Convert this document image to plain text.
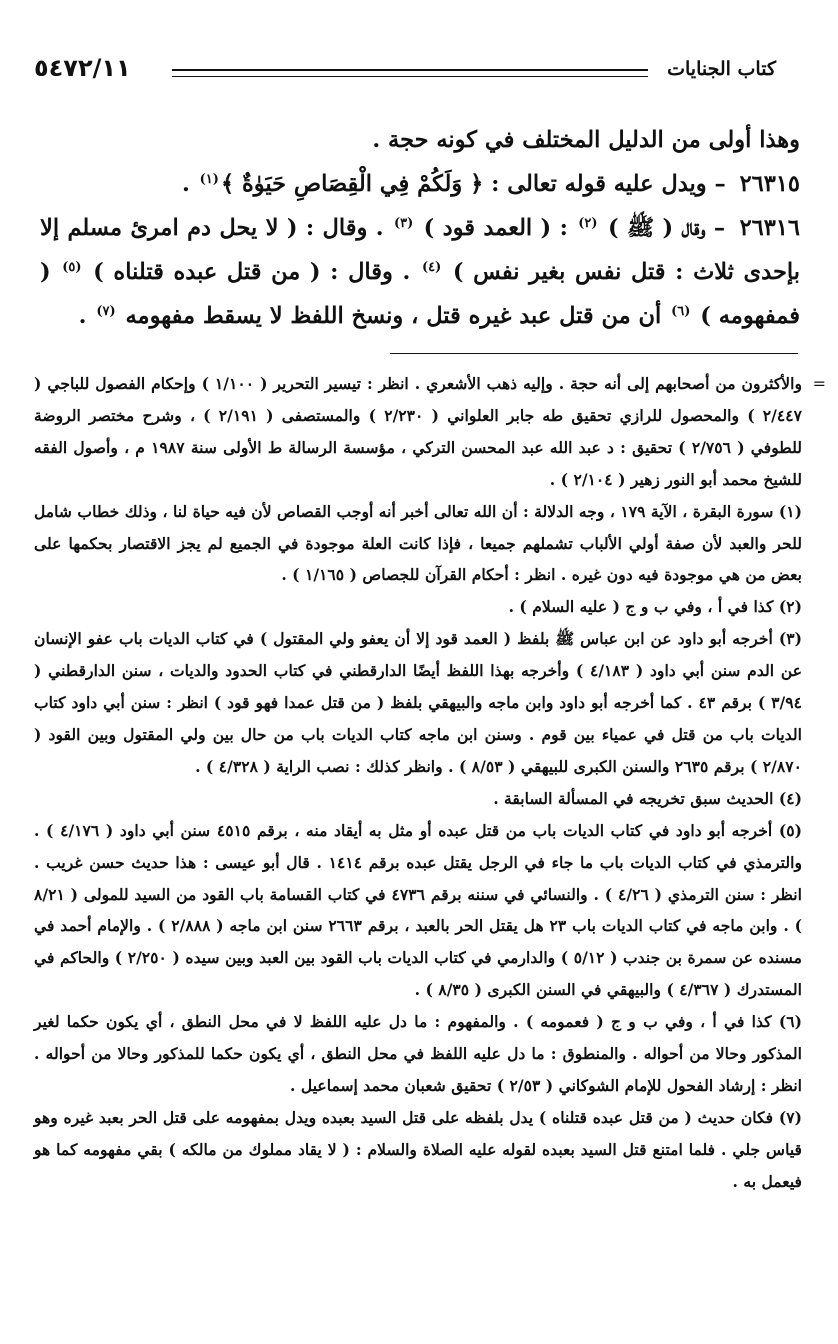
٥٤٧٢/١١	كتاب الجنايات

وهذا أولى من الدليل المختلف في كونه حجة .

٢٦٣١٥ – ويدل عليه قوله تعالى : ﴿ وَلَكُمْ فِي الْقِصَاصِ حَيَوٰةٌ ﴾$^{(١)}$ .

٢٦٣١٦ – وقال ( ﷺ ) $^{(٢)}$ : ( العمد قود ) $^{(٣)}$ . وقال : ( لا يحل دم امرئ مسلم إلا بإحدى ثلاث : قتل نفس بغير نفس ) $^{(٤)}$ . وقال : ( من قتل عبده قتلناه ) $^{(٥)}$ ( فمفهومه ) $^{(٦)}$ أن من قتل عبد غيره قتل ، ونسخ اللفظ لا يسقط مفهومه $^{(٧)}$ .

=

والأكثرون من أصحابهم إلى أنه حجة . وإليه ذهب الأشعري . انظر : تيسير التحرير ( ١/١٠٠ ) وإحكام الفصول للباجي ( ٢/٤٤٧ ) والمحصول للرازي تحقيق طه جابر العلواني ( ٢/٢٣٠ ) والمستصفى ( ٢/١٩١ ) ، وشرح مختصر الروضة للطوفي ( ٢/٧٥٦ ) تحقيق : د عبد الله عبد المحسن التركي ، مؤسسة الرسالة ط الأولى سنة ١٩٨٧ م ، وأصول الفقه للشيخ محمد أبو النور زهير ( ٢/١٠٤ ) .

(١) سورة البقرة ، الآية ١٧٩ ، وجه الدلالة : أن الله تعالى أخبر أنه أوجب القصاص لأن فيه حياة لنا ، وذلك خطاب شامل للحر والعبد لأن صفة أولي الألباب تشملهم جميعا ، فإذا كانت العلة موجودة في الجميع لم يجز الاقتصار بحكمها على بعض من هي موجودة فيه دون غيره . انظر : أحكام القرآن للجصاص ( ١/١٦٥ ) .

(٢) كذا في أ ، وفي ب و ج ( عليه السلام ) .

(٣) أخرجه أبو داود عن ابن عباس ﷺ بلفظ ( العمد قود إلا أن يعفو ولي المقتول ) في كتاب الديات باب عفو الإنسان عن الدم سنن أبي داود ( ٤/١٨٣ ) وأخرجه بهذا اللفظ أيضًا الدارقطني في كتاب الحدود والديات ، سنن الدارقطني ( ٣/٩٤ ) برقم ٤٣ . كما أخرجه أبو داود وابن ماجه والبيهقي بلفظ ( من قتل عمدا فهو قود ) انظر : سنن أبي داود كتاب الديات باب من قتل في عمياء بين قوم . وسنن ابن ماجه كتاب الديات باب من حال بين ولي المقتول وبين القود ( ٢/٨٧٠ ) برقم ٢٦٣٥ والسنن الكبرى للبيهقي ( ٨/٥٣ ) . وانظر كذلك : نصب الراية ( ٤/٣٢٨ ) .

(٤) الحديث سبق تخريجه في المسألة السابقة .

(٥) أخرجه أبو داود في كتاب الديات باب من قتل عبده أو مثل به أيقاد منه ، برقم ٤٥١٥ سنن أبي داود ( ٤/١٧٦ ) . والترمذي في كتاب الديات باب ما جاء في الرجل يقتل عبده برقم ١٤١٤ . قال أبو عيسى : هذا حديث حسن غريب . انظر : سنن الترمذي ( ٤/٢٦ ) . والنسائي في سننه برقم ٤٧٣٦ في كتاب القسامة باب القود من السيد للمولى ( ٨/٢١ ) . وابن ماجه في كتاب الديات باب ٢٣ هل يقتل الحر بالعبد ، برقم ٢٦٦٣ سنن ابن ماجه ( ٢/٨٨٨ ) . والإمام أحمد في مسنده عن سمرة بن جندب ( ٥/١٢ ) والدارمي في كتاب الديات باب القود بين العبد وبين سيده ( ٢/٢٥٠ ) والحاكم في المستدرك ( ٤/٣٦٧ ) والبيهقي في السنن الكبرى ( ٨/٣٥ ) .

(٦) كذا في أ ، وفي ب و ج ( فعمومه ) . والمفهوم : ما دل عليه اللفظ لا في محل النطق ، أي يكون حكما لغير المذكور وحالا من أحواله . والمنطوق : ما دل عليه اللفظ في محل النطق ، أي يكون حكما للمذكور وحالا من أحواله . انظر : إرشاد الفحول للإمام الشوكاني ( ٢/٥٣ ) تحقيق شعبان محمد إسماعيل .

(٧) فكان حديث ( من قتل عبده قتلناه ) يدل بلفظه على قتل السيد بعبده ويدل بمفهومه على قتل الحر بعبد غيره وهو قياس جلي . فلما امتنع قتل السيد بعبده لقوله عليه الصلاة والسلام : ( لا يقاد مملوك من مالكه ) بقي مفهومه كما هو فيعمل به .
